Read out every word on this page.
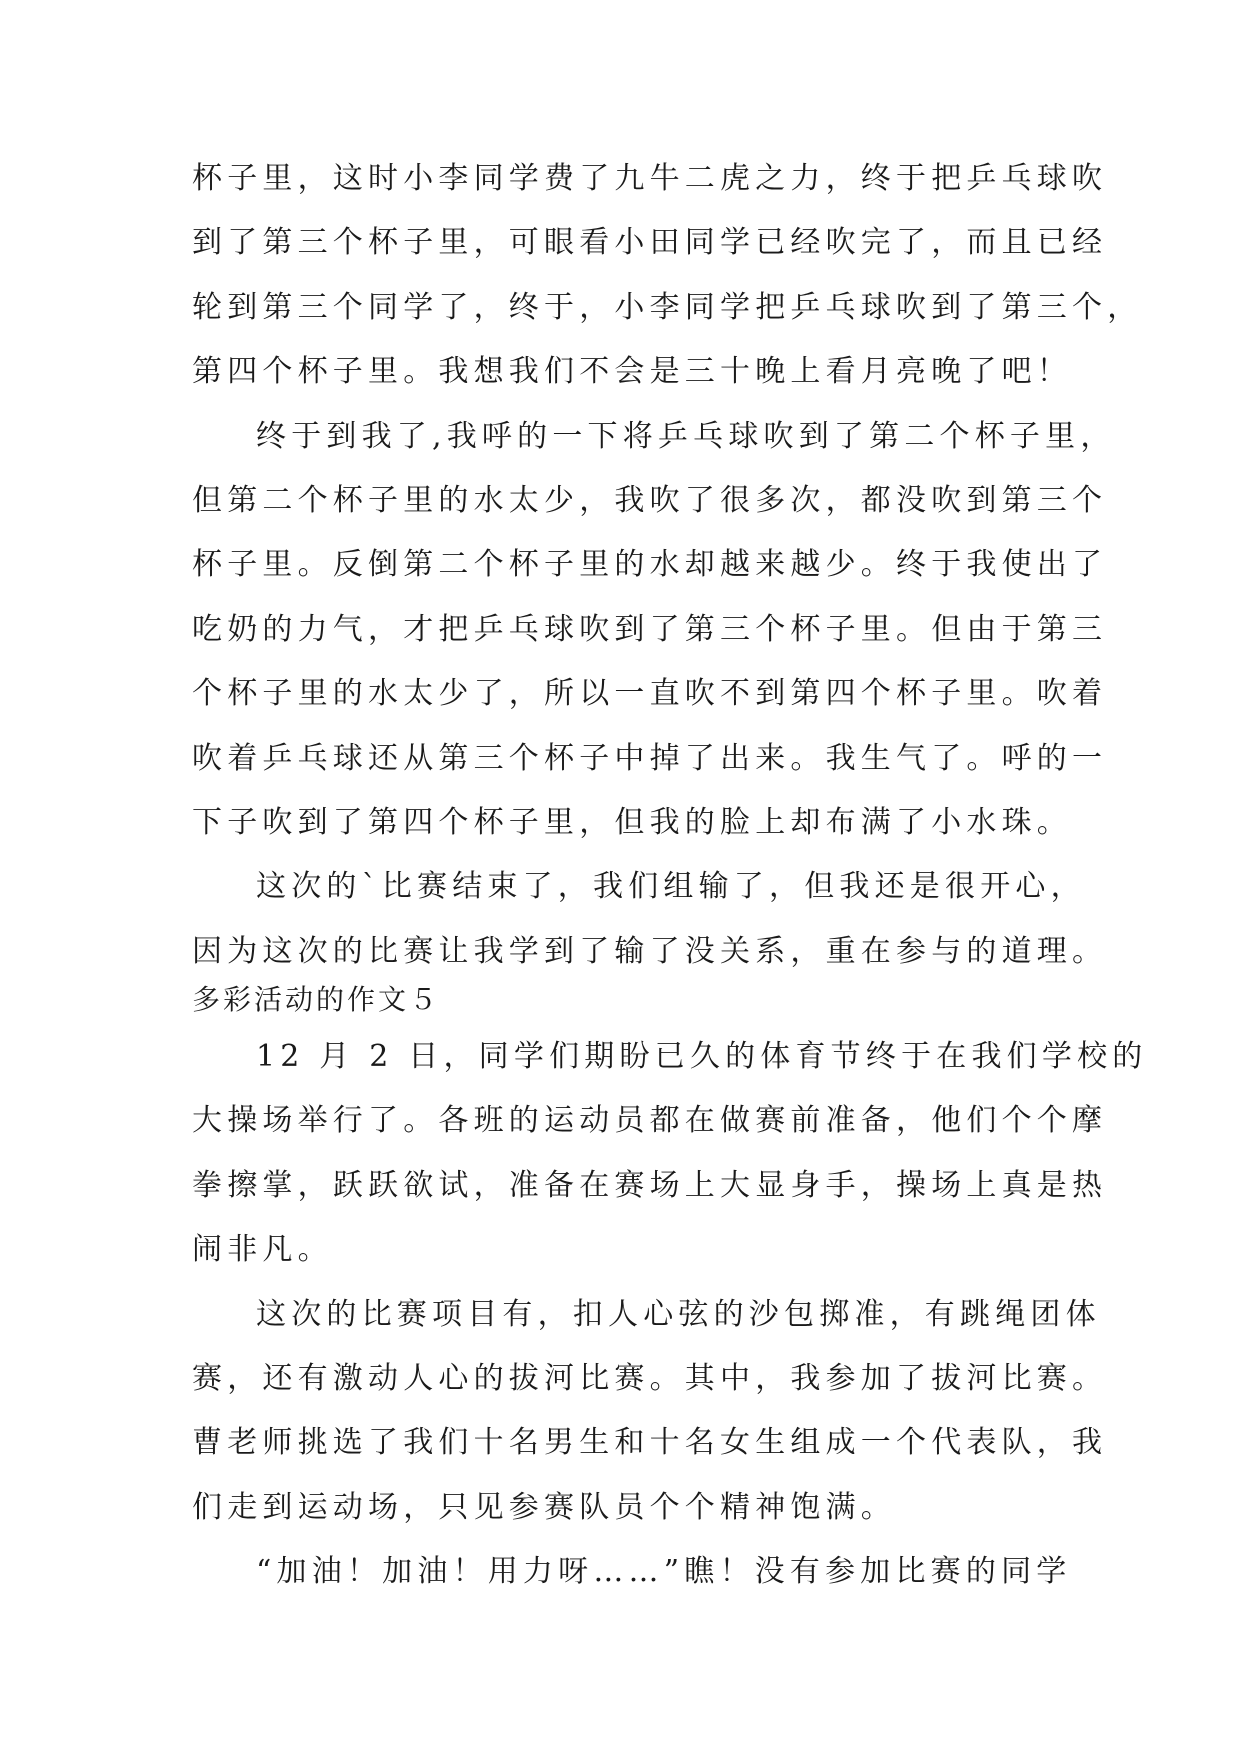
杯子里，这时小李同学费了九牛二虎之力，终于把乒乓球吹
到了第三个杯子里，可眼看小田同学已经吹完了，而且已经
轮到第三个同学了，终于，小李同学把乒乓球吹到了第三个，
第四个杯子里。我想我们不会是三十晚上看月亮晚了吧！
终于到我了,我呼的一下将乒乓球吹到了第二个杯子里，
但第二个杯子里的水太少，我吹了很多次，都没吹到第三个
杯子里。反倒第二个杯子里的水却越来越少。终于我使出了
吃奶的力气，才把乒乓球吹到了第三个杯子里。但由于第三
个杯子里的水太少了，所以一直吹不到第四个杯子里。吹着
吹着乒乓球还从第三个杯子中掉了出来。我生气了。呼的一
下子吹到了第四个杯子里，但我的脸上却布满了小水珠。
这次的`比赛结束了，我们组输了，但我还是很开心，
因为这次的比赛让我学到了输了没关系，重在参与的道理。
多彩活动的作文５
12 月 2 日，同学们期盼已久的体育节终于在我们学校的
大操场举行了。各班的运动员都在做赛前准备，他们个个摩
拳擦掌，跃跃欲试，准备在赛场上大显身手，操场上真是热
闹非凡。
这次的比赛项目有，扣人心弦的沙包掷准，有跳绳团体
赛，还有激动人心的拔河比赛。其中，我参加了拔河比赛。
曹老师挑选了我们十名男生和十名女生组成一个代表队，我
们走到运动场，只见参赛队员个个精神饱满。
“加油！加油！用力呀……”瞧！没有参加比赛的同学
